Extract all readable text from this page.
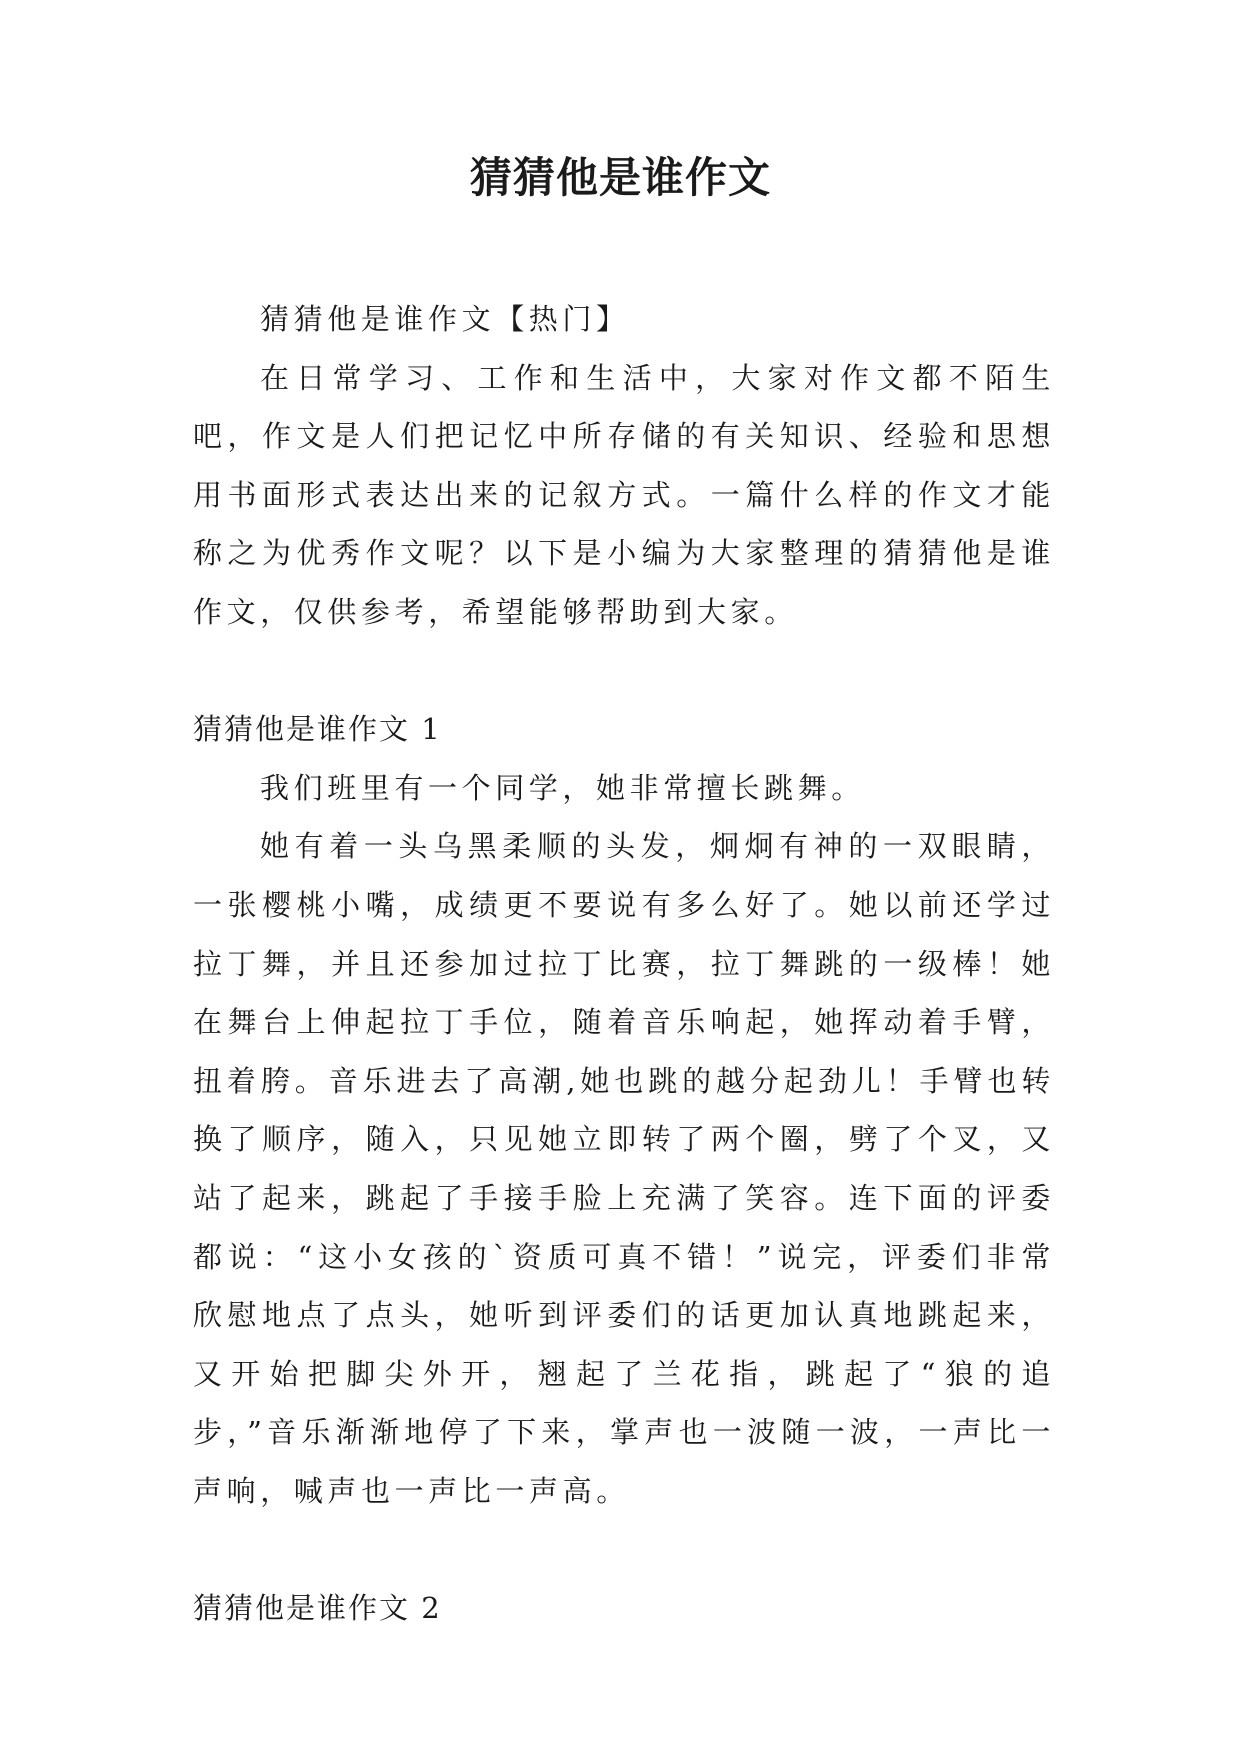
猜猜他是谁作文

猜猜他是谁作文【热门】

在日常学习、工作和生活中，大家对作文都不陌生吧，作文是人们把记忆中所存储的有关知识、经验和思想用书面形式表达出来的记叙方式。一篇什么样的作文才能称之为优秀作文呢？以下是小编为大家整理的猜猜他是谁作文，仅供参考，希望能够帮助到大家。

猜猜他是谁作文 1

我们班里有一个同学，她非常擅长跳舞。

她有着一头乌黑柔顺的头发，炯炯有神的一双眼睛，一张樱桃小嘴，成绩更不要说有多么好了。她以前还学过拉丁舞，并且还参加过拉丁比赛，拉丁舞跳的一级棒！她在舞台上伸起拉丁手位，随着音乐响起，她挥动着手臂，扭着胯。音乐进去了高潮,她也跳的越分起劲儿！手臂也转换了顺序，随入，只见她立即转了两个圈，劈了个叉，又站了起来，跳起了手接手脸上充满了笑容。连下面的评委都说：“这小女孩的`资质可真不错！”说完，评委们非常欣慰地点了点头，她听到评委们的话更加认真地跳起来，又开始把脚尖外开，翘起了兰花指，跳起了“狼的追步，”音乐渐渐地停了下来，掌声也一波随一波，一声比一声响，喊声也一声比一声高。

猜猜他是谁作文 2
